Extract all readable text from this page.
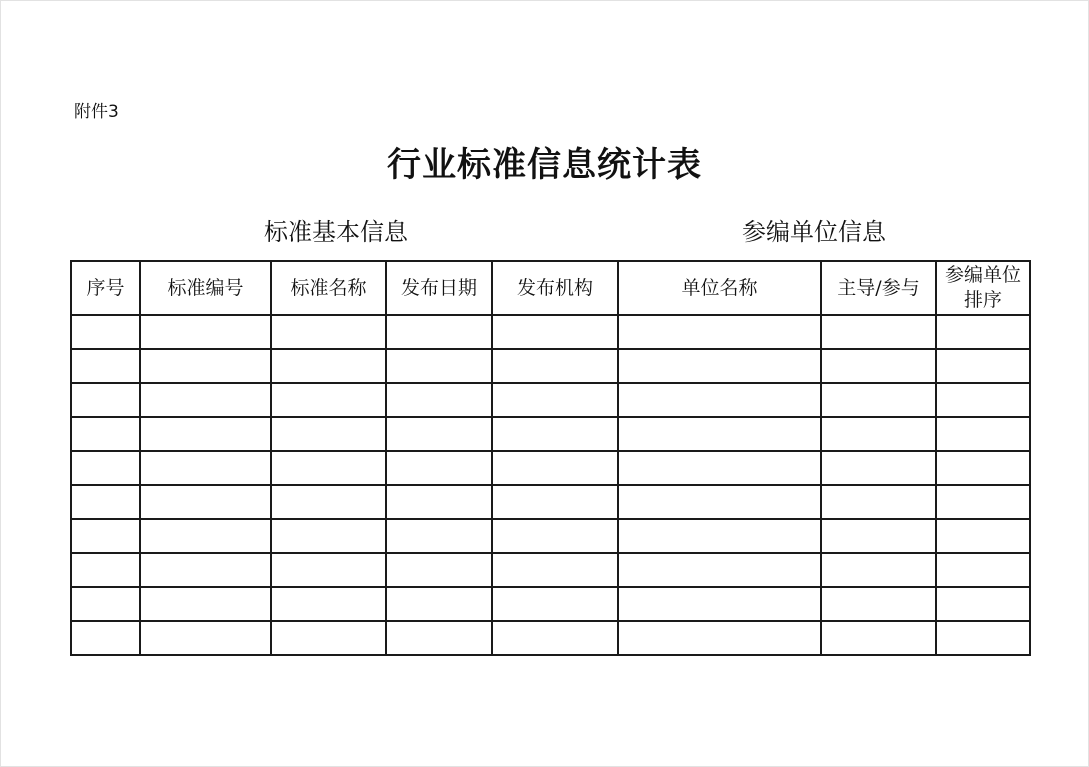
附件3
行业标准信息统计表
标准基本信息	参编单位信息
序号	标准编号	标准名称	发布日期	发布机构	单位名称	主导/参与	参编单位排序
